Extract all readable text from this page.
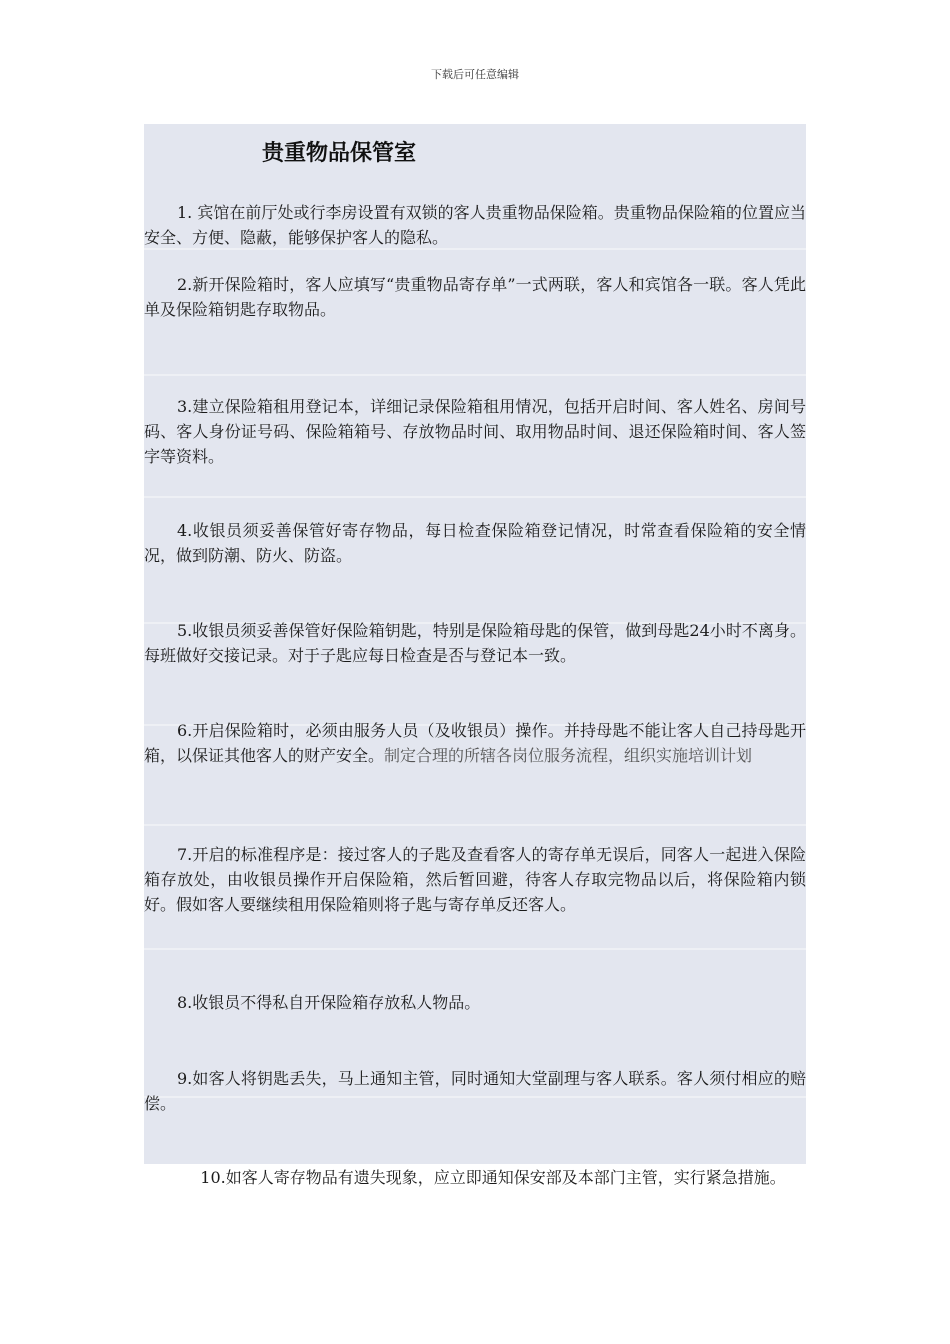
下载后可任意编辑
贵重物品保管室
1. 宾馆在前厅处或行李房设置有双锁的客人贵重物品保险箱。贵重物品保险箱的位置应当安全、方便、隐蔽，能够保护客人的隐私。
2.新开保险箱时，客人应填写“贵重物品寄存单”一式两联，客人和宾馆各一联。客人凭此单及保险箱钥匙存取物品。
3.建立保险箱租用登记本，详细记录保险箱租用情况，包括开启时间、客人姓名、房间号码、客人身份证号码、保险箱箱号、存放物品时间、取用物品时间、退还保险箱时间、客人签字等资料。
4.收银员须妥善保管好寄存物品，每日检查保险箱登记情况，时常查看保险箱的安全情况，做到防潮、防火、防盗。
5.收银员须妥善保管好保险箱钥匙，特别是保险箱母匙的保管，做到母匙24小时不离身。每班做好交接记录。对于子匙应每日检查是否与登记本一致。
6.开启保险箱时，必须由服务人员（及收银员）操作。并持母匙不能让客人自己持母匙开箱，以保证其他客人的财产安全。制定合理的所辖各岗位服务流程，组织实施培训计划
7.开启的标准程序是：接过客人的子匙及查看客人的寄存单无误后，同客人一起进入保险箱存放处，由收银员操作开启保险箱，然后暂回避，待客人存取完物品以后，将保险箱内锁好。假如客人要继续租用保险箱则将子匙与寄存单反还客人。
8.收银员不得私自开保险箱存放私人物品。
9.如客人将钥匙丢失，马上通知主管，同时通知大堂副理与客人联系。客人须付相应的赔偿。
10.如客人寄存物品有遗失现象，应立即通知保安部及本部门主管，实行紧急措施。
